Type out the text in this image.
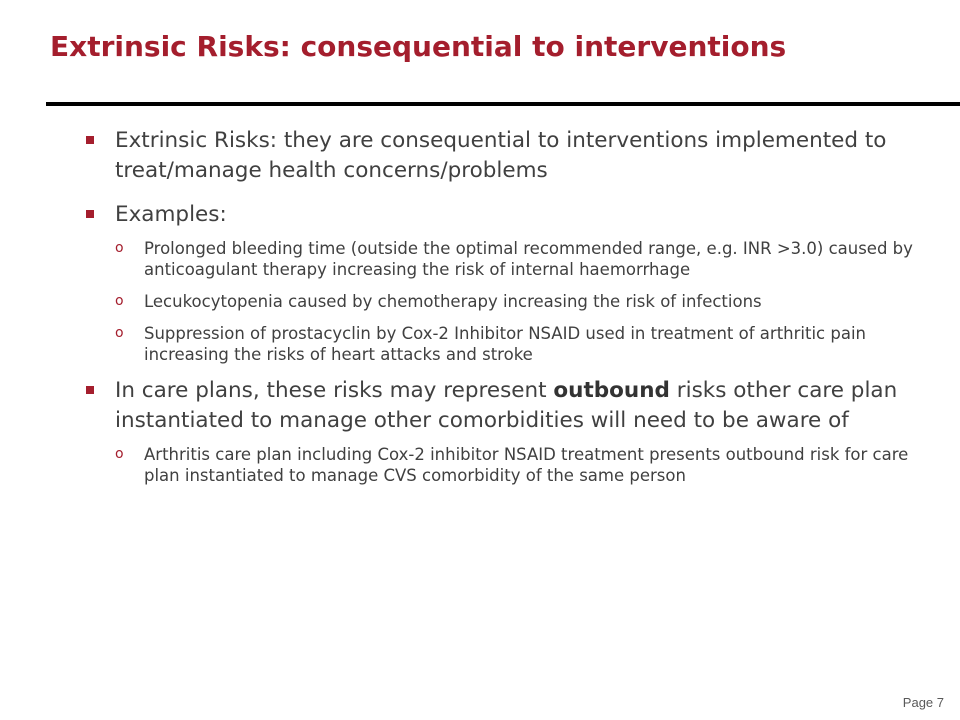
Extrinsic Risks: consequential to interventions
Extrinsic Risks: they are consequential to interventions implemented to treat/manage health concerns/problems
Examples:
o Prolonged bleeding time (outside the optimal recommended range, e.g. INR >3.0) caused by anticoagulant therapy increasing the risk of internal haemorrhage
o Lecukocytopenia caused by chemotherapy increasing the risk of infections
o Suppression of prostacyclin by Cox-2 Inhibitor NSAID used in treatment of arthritic pain increasing the risks of heart attacks and stroke
In care plans, these risks may represent outbound risks other care plan instantiated to manage other comorbidities will need to be aware of
o Arthritis care plan including Cox-2 inhibitor NSAID treatment presents outbound risk for care plan instantiated to manage CVS comorbidity of the same person
Page 7
